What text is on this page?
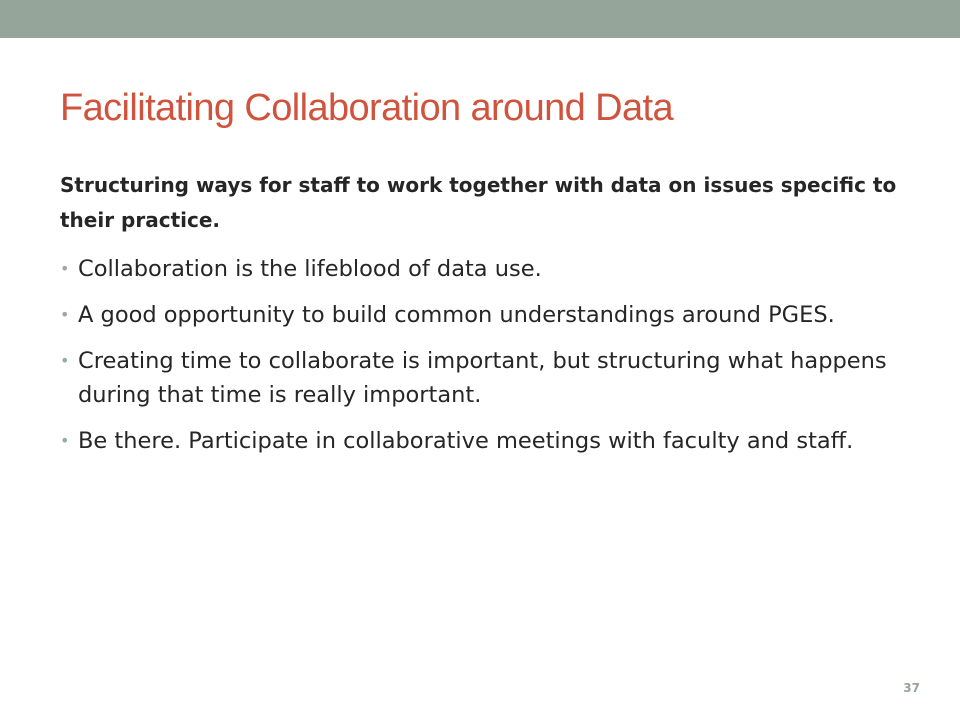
Facilitating Collaboration around Data

Structuring ways for staff to work together with data on issues specific to their practice.

• Collaboration is the lifeblood of data use.
• A good opportunity to build common understandings around PGES.
• Creating time to collaborate is important, but structuring what happens during that time is really important.
• Be there. Participate in collaborative meetings with faculty and staff.
37
